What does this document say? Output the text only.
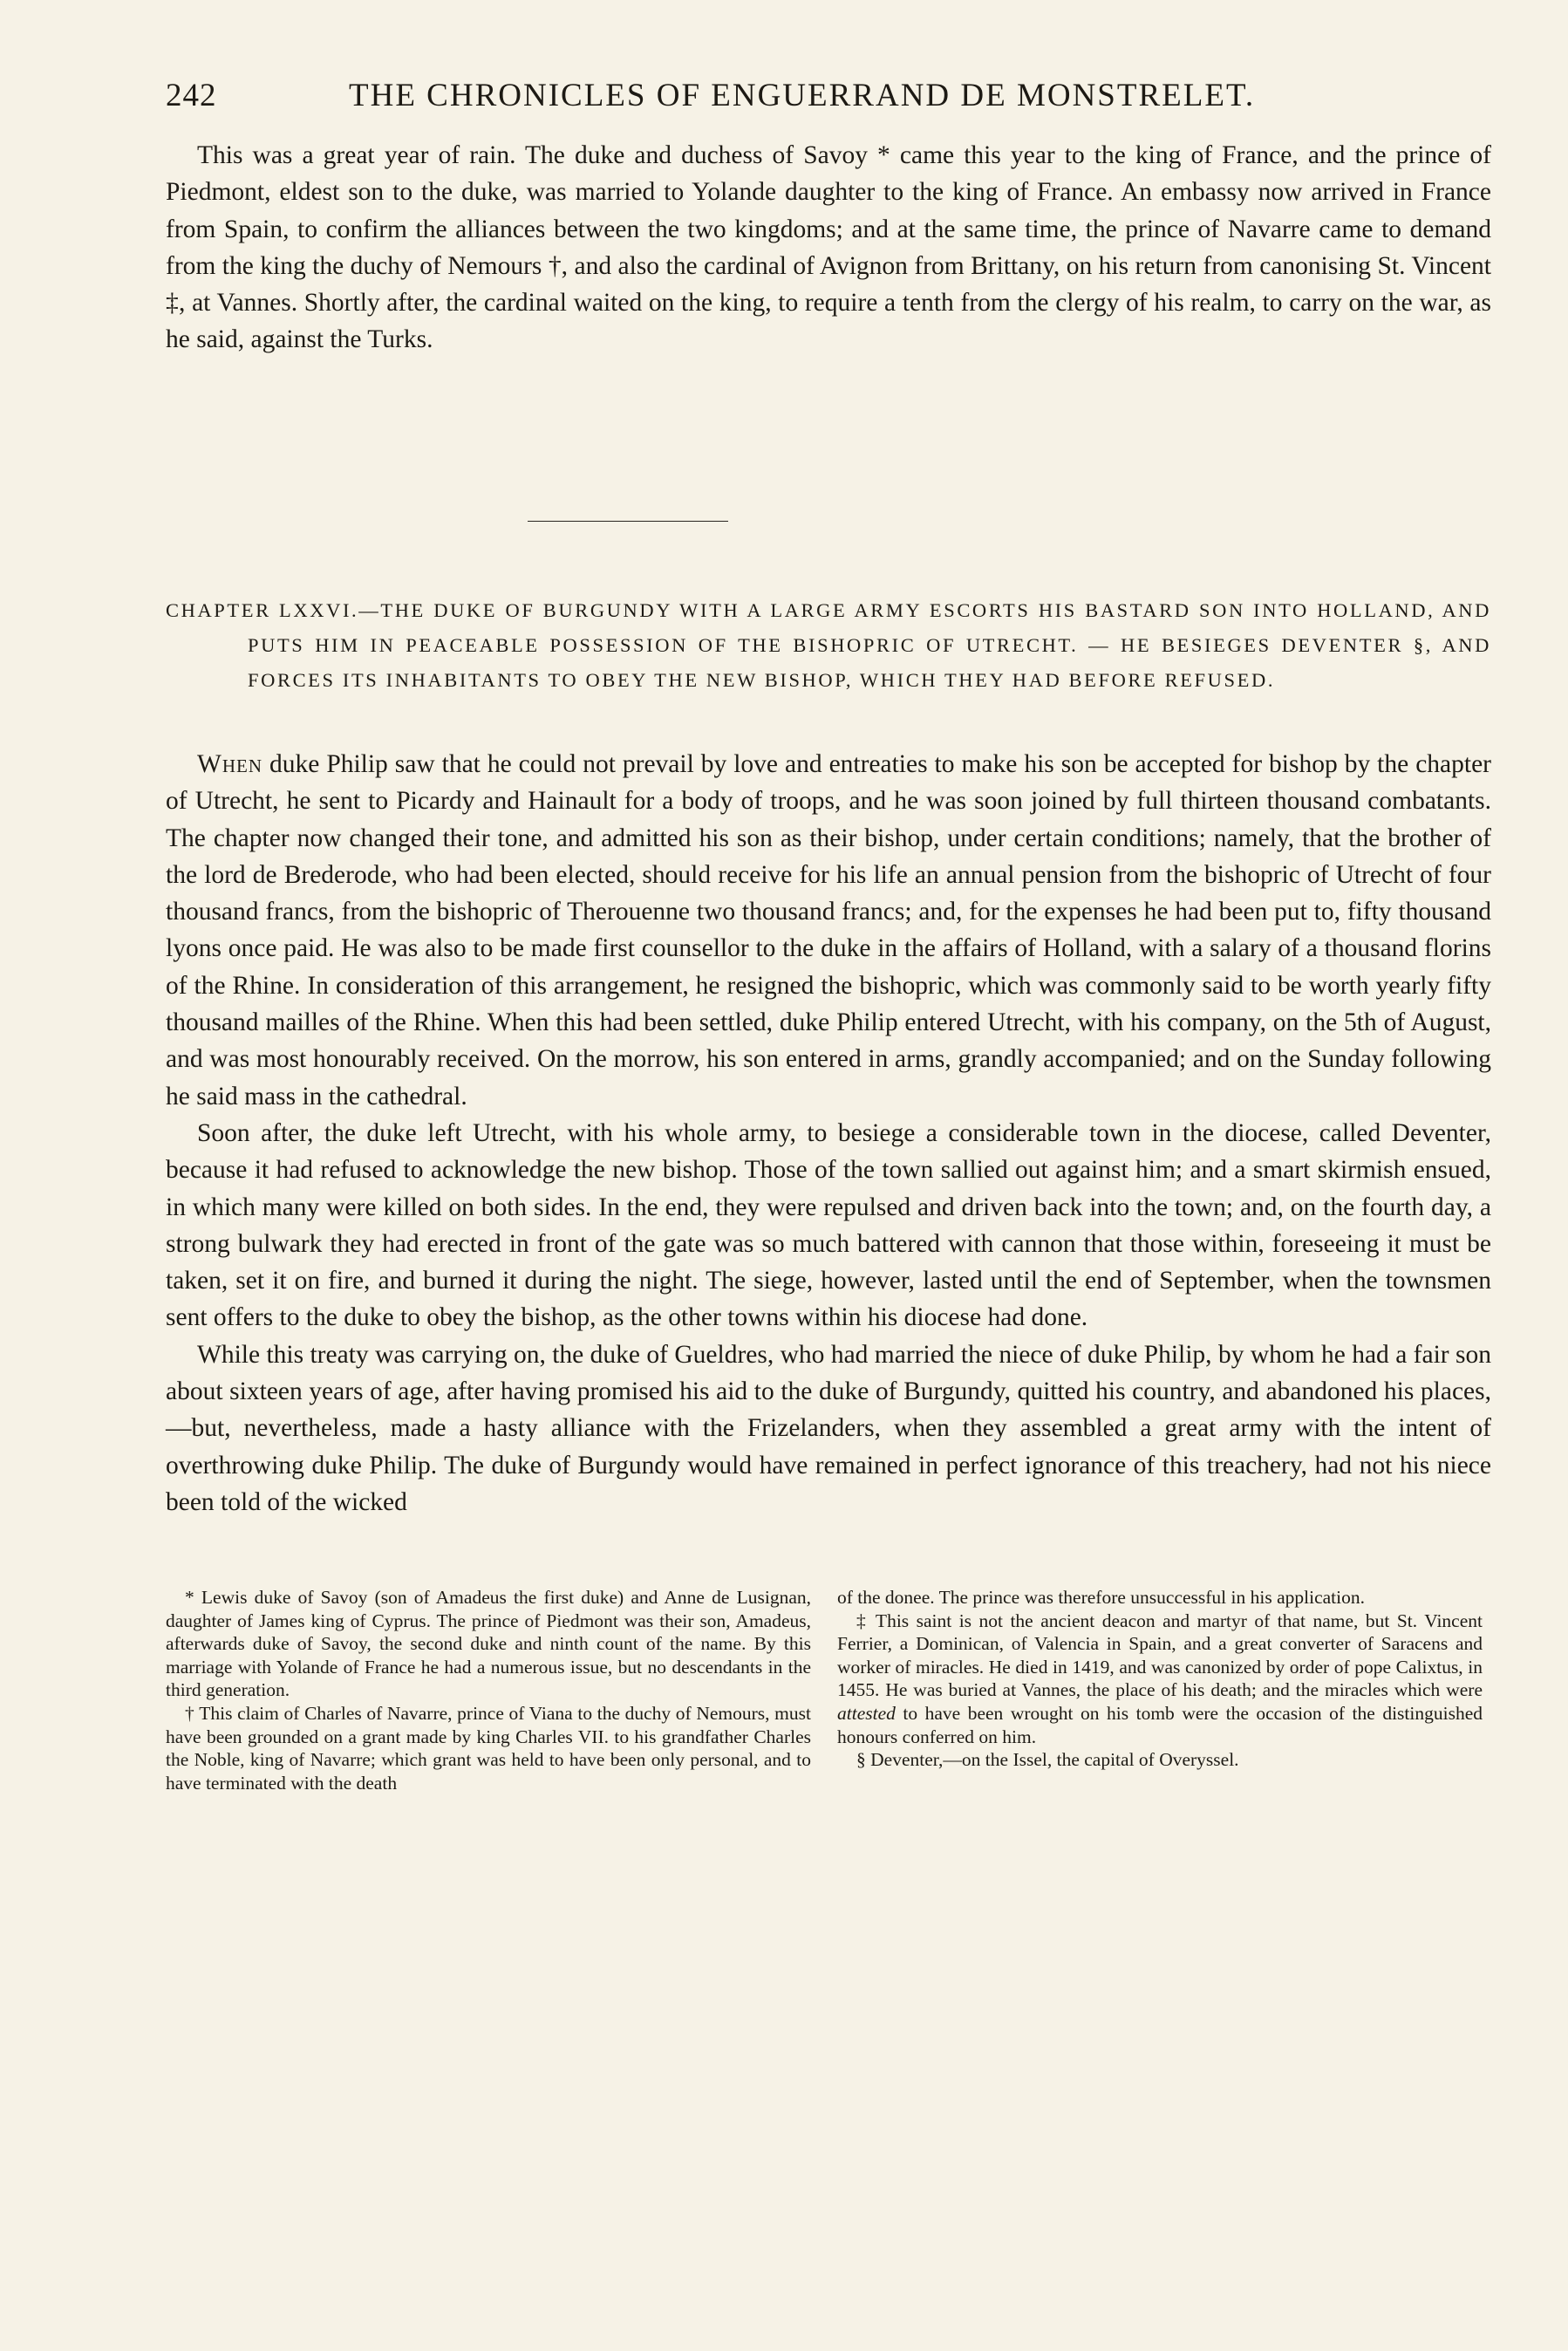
242	THE CHRONICLES OF ENGUERRAND DE MONSTRELET.
This was a great year of rain. The duke and duchess of Savoy * came this year to the king of France, and the prince of Piedmont, eldest son to the duke, was married to Yolande daughter to the king of France. An embassy now arrived in France from Spain, to confirm the alliances between the two kingdoms; and at the same time, the prince of Navarre came to demand from the king the duchy of Nemours †, and also the cardinal of Avignon from Brittany, on his return from canonising St. Vincent ‡, at Vannes. Shortly after, the cardinal waited on the king, to require a tenth from the clergy of his realm, to carry on the war, as he said, against the Turks.
CHAPTER LXXVI.—THE DUKE OF BURGUNDY WITH A LARGE ARMY ESCORTS HIS BASTARD SON INTO HOLLAND, AND PUTS HIM IN PEACEABLE POSSESSION OF THE BISHOPRIC OF UTRECHT. — HE BESIEGES DEVENTER §, AND FORCES ITS INHABITANTS TO OBEY THE NEW BISHOP, WHICH THEY HAD BEFORE REFUSED.

When duke Philip saw that he could not prevail by love and entreaties to make his son be accepted for bishop by the chapter of Utrecht, he sent to Picardy and Hainault for a body of troops, and he was soon joined by full thirteen thousand combatants. The chapter now changed their tone, and admitted his son as their bishop, under certain conditions; namely, that the brother of the lord de Brederode, who had been elected, should receive for his life an annual pension from the bishopric of Utrecht of four thousand francs, from the bishopric of Therouenne two thousand francs; and, for the expenses he had been put to, fifty thousand lyons once paid. He was also to be made first counsellor to the duke in the affairs of Holland, with a salary of a thousand florins of the Rhine. In consideration of this arrangement, he resigned the bishopric, which was commonly said to be worth yearly fifty thousand mailles of the Rhine. When this had been settled, duke Philip entered Utrecht, with his company, on the 5th of August, and was most honourably received. On the morrow, his son entered in arms, grandly accompanied; and on the Sunday following he said mass in the cathedral.

Soon after, the duke left Utrecht, with his whole army, to besiege a considerable town in the diocese, called Deventer, because it had refused to acknowledge the new bishop. Those of the town sallied out against him; and a smart skirmish ensued, in which many were killed on both sides. In the end, they were repulsed and driven back into the town; and, on the fourth day, a strong bulwark they had erected in front of the gate was so much battered with cannon that those within, foreseeing it must be taken, set it on fire, and burned it during the night. The siege, however, lasted until the end of September, when the townsmen sent offers to the duke to obey the bishop, as the other towns within his diocese had done.

While this treaty was carrying on, the duke of Gueldres, who had married the niece of duke Philip, by whom he had a fair son about sixteen years of age, after having promised his aid to the duke of Burgundy, quitted his country, and abandoned his places,—but, nevertheless, made a hasty alliance with the Frizelanders, when they assembled a great army with the intent of overthrowing duke Philip. The duke of Burgundy would have remained in perfect ignorance of this treachery, had not his niece been told of the wicked

* Lewis duke of Savoy (son of Amadeus the first duke) and Anne de Lusignan, daughter of James king of Cyprus. The prince of Piedmont was their son, Amadeus, afterwards duke of Savoy, the second duke and ninth count of the name. By this marriage with Yolande of France he had a numerous issue, but no descendants in the third generation.

† This claim of Charles of Navarre, prince of Viana to the duchy of Nemours, must have been grounded on a grant made by king Charles VII. to his grandfather Charles the Noble, king of Navarre; which grant was held to have been only personal, and to have terminated with the death

of the donee. The prince was therefore unsuccessful in his application.

‡ This saint is not the ancient deacon and martyr of that name, but St. Vincent Ferrier, a Dominican, of Valencia in Spain, and a great converter of Saracens and worker of miracles. He died in 1419, and was canonized by order of pope Calixtus, in 1455. He was buried at Vannes, the place of his death; and the miracles which were attested to have been wrought on his tomb were the occasion of the distinguished honours conferred on him.

§ Deventer,—on the Issel, the capital of Overyssel.
